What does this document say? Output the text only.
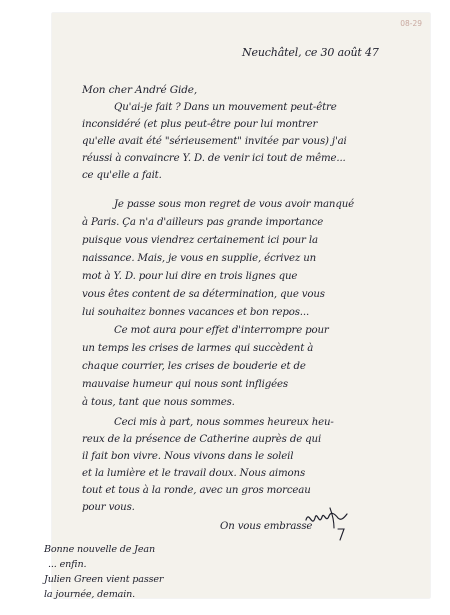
08-29
Neuchâtel, ce 30 août 47
Mon cher André Gide,
Qu'ai-je fait ? Dans un mouvement peut-être
inconsidéré (et plus peut-être pour lui montrer
qu'elle avait été "sérieusement" invitée par vous) j'ai
réussi à convaincre Y. D. de venir ici tout de même...
ce qu'elle a fait.
Je passe sous mon regret de vous avoir manqué
à Paris. Ça n'a d'ailleurs pas grande importance
puisque vous viendrez certainement ici pour la
naissance. Mais, je vous en supplie, écrivez un
mot à Y. D. pour lui dire en trois lignes que
vous êtes content de sa détermination, que vous
lui souhaitez bonnes vacances et bon repos...
Ce mot aura pour effet d'interrompre pour
un temps les crises de larmes qui succèdent à
chaque courrier, les crises de bouderie et de
mauvaise humeur qui nous sont infligées
à tous, tant que nous sommes.
Ceci mis à part, nous sommes heureux heu-
reux de la présence de Catherine auprès de qui
il fait bon vivre. Nous vivons dans le soleil
et la lumière et le travail doux. Nous aimons
tout et tous à la ronde, avec un gros morceau
pour vous.
On vous embrasse
Bonne nouvelle de Jean
... enfin.
Julien Green vient passer
la journée, demain.
